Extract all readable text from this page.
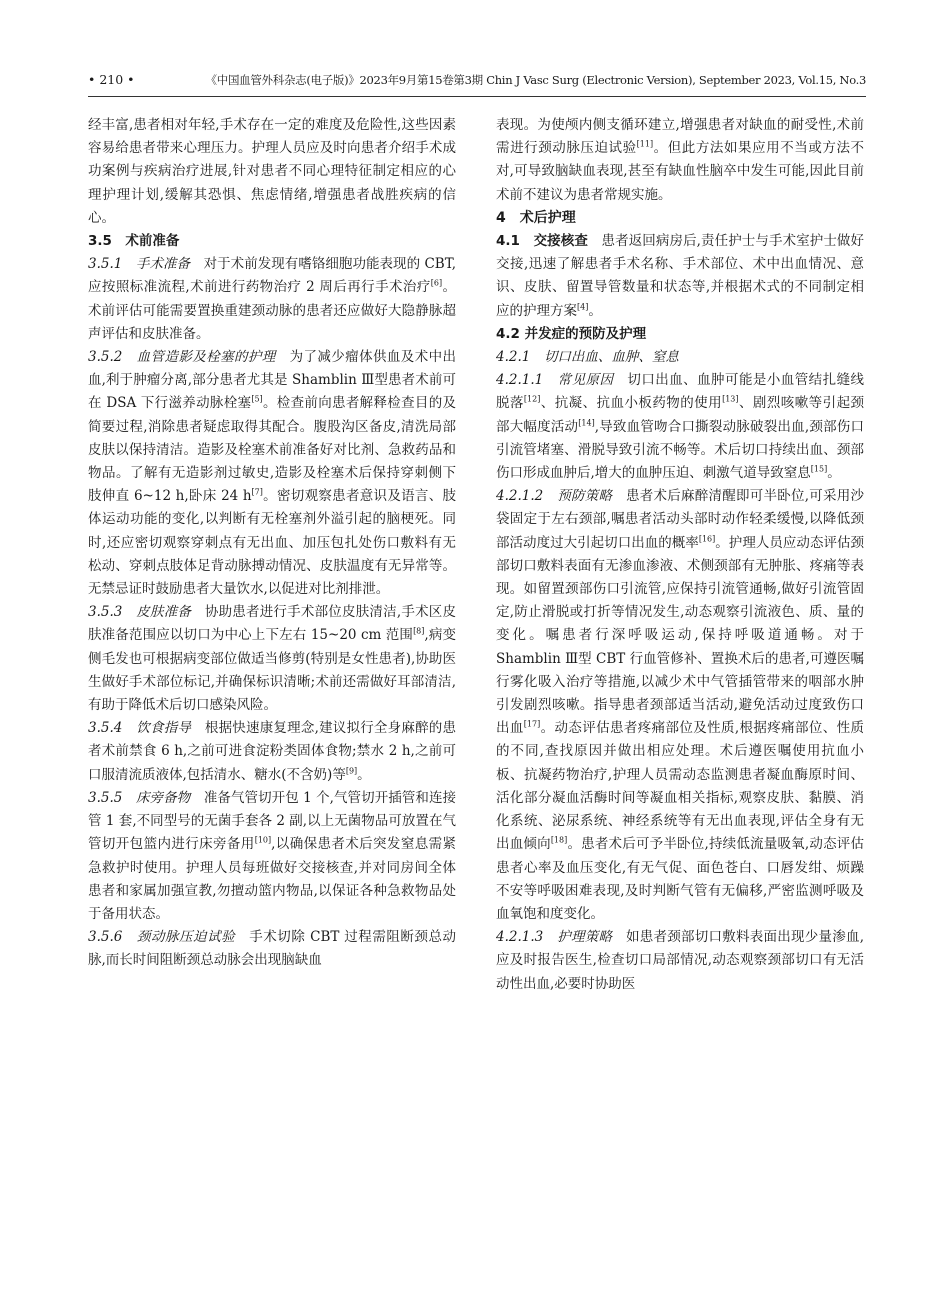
• 210 •	《中国血管外科杂志(电子版)》2023年9月第15卷第3期 Chin J Vasc Surg (Electronic Version), September 2023, Vol.15, No.3

经丰富,患者相对年轻,手术存在一定的难度及危险性,这些因素容易给患者带来心理压力。护理人员应及时向患者介绍手术成功案例与疾病治疗进展,针对患者不同心理特征制定相应的心理护理计划,缓解其恐惧、焦虑情绪,增强患者战胜疾病的信心。

3.5　术前准备

3.5.1　手术准备　 对于术前发现有嗜铬细胞功能表现的 CBT,应按照标准流程,术前进行药物治疗 2 周后再行手术治疗[6]。术前评估可能需要置换重建颈动脉的患者还应做好大隐静脉超声评估和皮肤准备。

3.5.2　血管造影及栓塞的护理　 为了减少瘤体供血及术中出血,利于肿瘤分离,部分患者尤其是 Shamblin Ⅲ型患者术前可在 DSA 下行滋养动脉栓塞[5]。检查前向患者解释检查目的及简要过程,消除患者疑虑取得其配合。腹股沟区备皮,清洗局部皮肤以保持清洁。造影及栓塞术前准备好对比剂、急救药品和物品。了解有无造影剂过敏史,造影及栓塞术后保持穿刺侧下肢伸直 6~12 h,卧床 24 h[7]。密切观察患者意识及语言、肢体运动功能的变化,以判断有无栓塞剂外溢引起的脑梗死。同时,还应密切观察穿刺点有无出血、加压包扎处伤口敷料有无松动、穿刺点肢体足背动脉搏动情况、皮肤温度有无异常等。无禁忌证时鼓励患者大量饮水,以促进对比剂排泄。

3.5.3　皮肤准备　 协助患者进行手术部位皮肤清洁,手术区皮肤准备范围应以切口为中心上下左右 15~20 cm 范围[8],病变侧毛发也可根据病变部位做适当修剪(特别是女性患者),协助医生做好手术部位标记,并确保标识清晰;术前还需做好耳部清洁,有助于降低术后切口感染风险。

3.5.4　饮食指导　 根据快速康复理念,建议拟行全身麻醉的患者术前禁食 6 h,之前可进食淀粉类固体食物;禁水 2 h,之前可口服清流质液体,包括清水、糖水(不含奶)等[9]。

3.5.5　床旁备物　 准备气管切开包 1 个,气管切开插管和连接管 1 套,不同型号的无菌手套各 2 副,以上无菌物品可放置在气管切开包篮内进行床旁备用[10],以确保患者术后突发窒息需紧急救护时使用。护理人员每班做好交接核查,并对同房间全体患者和家属加强宣教,勿擅动篮内物品,以保证各种急救物品处于备用状态。

3.5.6　颈动脉压迫试验　 手术切除 CBT 过程需阻断颈总动脉,而长时间阻断颈总动脉会出现脑缺血

表现。为使颅内侧支循环建立,增强患者对缺血的耐受性,术前需进行颈动脉压迫试验[11]。但此方法如果应用不当或方法不对,可导致脑缺血表现,甚至有缺血性脑卒中发生可能,因此目前术前不建议为患者常规实施。

4　术后护理

4.1　交接核查　 患者返回病房后,责任护士与手术室护士做好交接,迅速了解患者手术名称、手术部位、术中出血情况、意识、皮肤、留置导管数量和状态等,并根据术式的不同制定相应的护理方案[4]。

4.2 并发症的预防及护理

4.2.1　切口出血、血肿、窒息

4.2.1.1　常见原因　 切口出血、血肿可能是小血管结扎缝线脱落[12]、抗凝、抗血小板药物的使用[13]、剧烈咳嗽等引起颈部大幅度活动[14],导致血管吻合口撕裂动脉破裂出血,颈部伤口引流管堵塞、滑脱导致引流不畅等。术后切口持续出血、颈部伤口形成血肿后,增大的血肿压迫、刺激气道导致窒息[15]。

4.2.1.2　预防策略　 患者术后麻醉清醒即可半卧位,可采用沙袋固定于左右颈部,嘱患者活动头部时动作轻柔缓慢,以降低颈部活动度过大引起切口出血的概率[16]。护理人员应动态评估颈部切口敷料表面有无渗血渗液、术侧颈部有无肿胀、疼痛等表现。如留置颈部伤口引流管,应保持引流管通畅,做好引流管固定,防止滑脱或打折等情况发生,动态观察引流液色、质、量的变化。嘱患者行深呼吸运动,保持呼吸道通畅。对于 Shamblin Ⅲ型 CBT 行血管修补、置换术后的患者,可遵医嘱行雾化吸入治疗等措施,以减少术中气管插管带来的咽部水肿引发剧烈咳嗽。指导患者颈部适当活动,避免活动过度致伤口出血[17]。动态评估患者疼痛部位及性质,根据疼痛部位、性质的不同,查找原因并做出相应处理。术后遵医嘱使用抗血小板、抗凝药物治疗,护理人员需动态监测患者凝血酶原时间、活化部分凝血活酶时间等凝血相关指标,观察皮肤、黏膜、消化系统、泌尿系统、神经系统等有无出血表现,评估全身有无出血倾向[18]。患者术后可予半卧位,持续低流量吸氧,动态评估患者心率及血压变化,有无气促、面色苍白、口唇发绀、烦躁不安等呼吸困难表现,及时判断气管有无偏移,严密监测呼吸及血氧饱和度变化。

4.2.1.3　护理策略　 如患者颈部切口敷料表面出现少量渗血,应及时报告医生,检查切口局部情况,动态观察颈部切口有无活动性出血,必要时协助医
